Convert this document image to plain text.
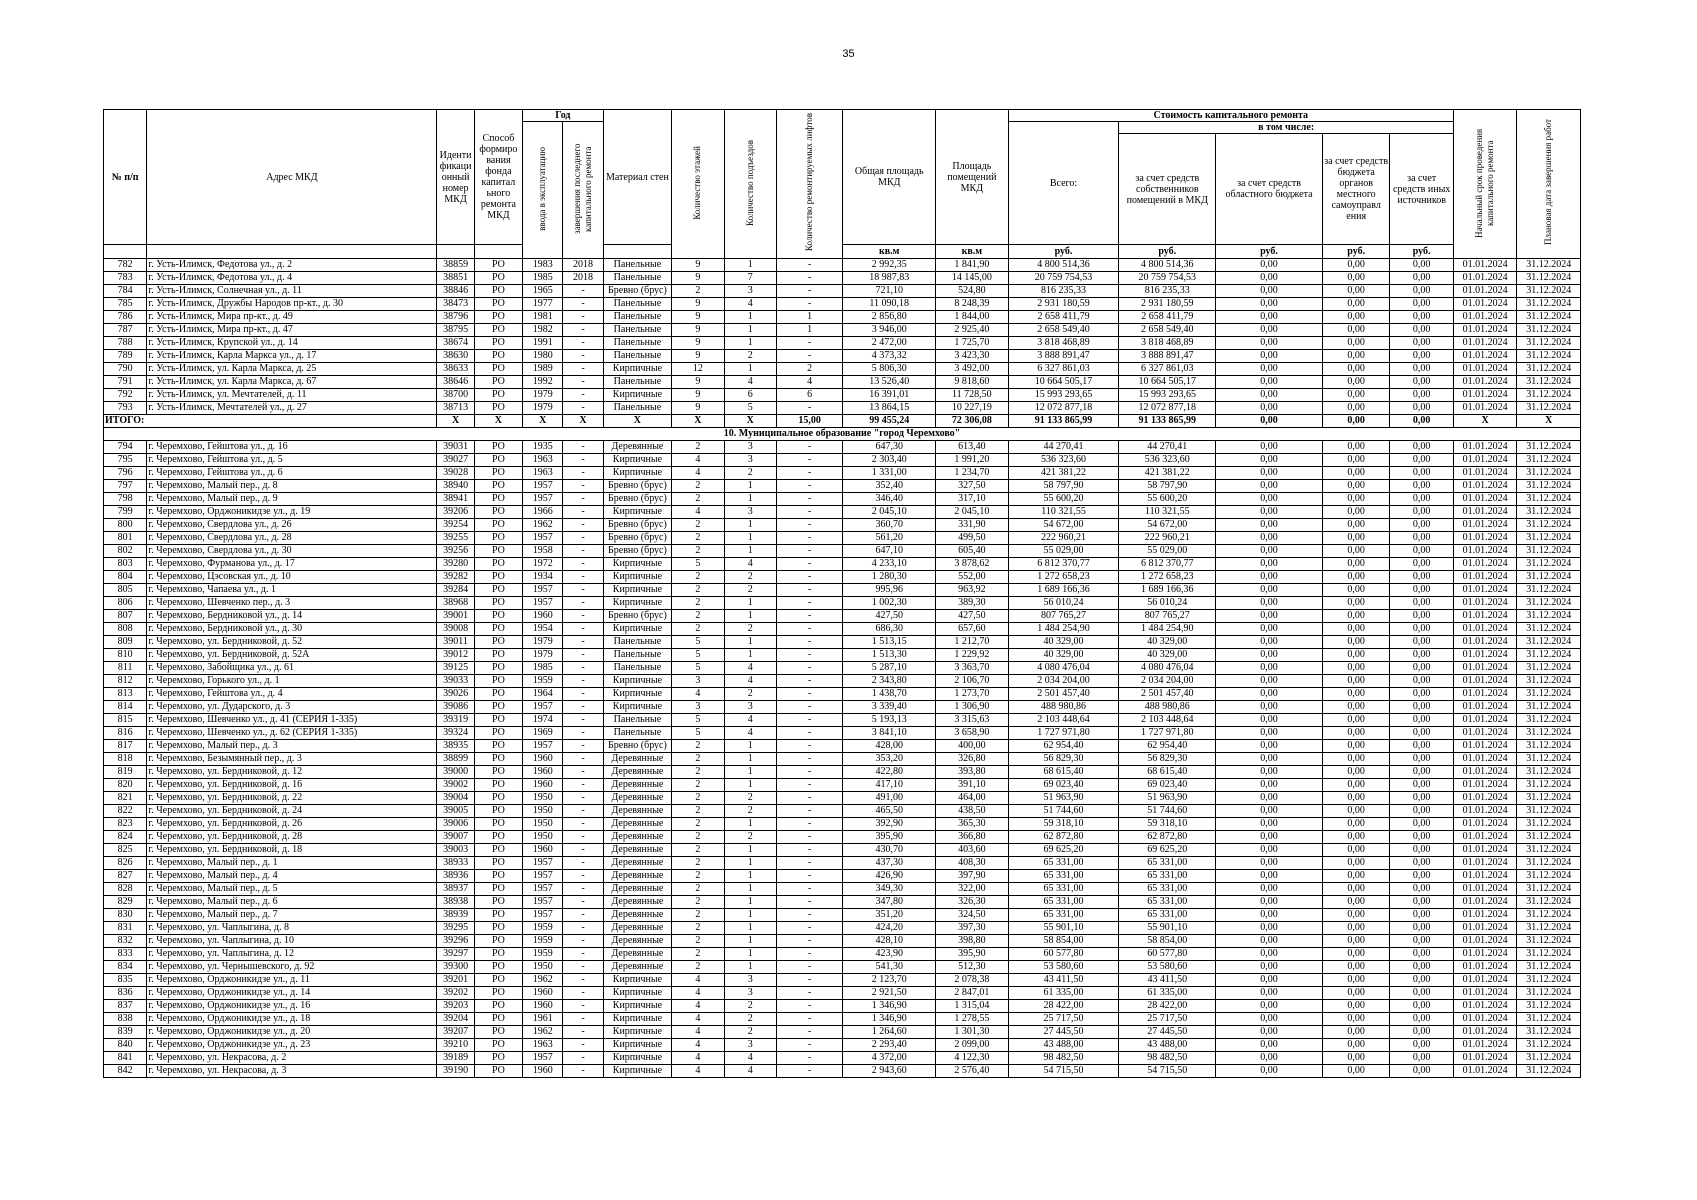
35
№ п/п	Адрес МКД	Иденти фикаци онный номер МКД	Способ формиро вания фонда капитал ьного ремонта МКД	Год		Материал стен	Количество этажей	Количество подъездов	Количество ремонтируемых лифтов	Общая площадь МКД	Площадь помещений МКД	Стоимость капитального ремонта					Начальный срок проведения капитального ремонта	Плановая дата завершения работ
				ввода в эксплуатацию	завершения последнего капитального ремонта							Всего:	в том числе:					
													за счет средств собственников помещений в МКД	за счет средств областного бюджета	за счет средств бюджета органов местного самоуправл ения	за счет средств иных источников		
										кв.м	кв.м	руб.	руб.	руб.	руб.	руб.		
782	г. Усть-Илимск, Федотова ул., д. 2	38859	РО	1983	2018	Панельные	9	1	-	2 992,35	1 841,90	4 800 514,36	4 800 514,36	0,00	0,00	0,00	01.01.2024	31.12.2024
783	г. Усть-Илимск, Федотова ул., д. 4	38851	РО	1985	2018	Панельные	9	7	-	18 987,83	14 145,00	20 759 754,53	20 759 754,53	0,00	0,00	0,00	01.01.2024	31.12.2024
784	г. Усть-Илимск, Солнечная ул., д. 11	38846	РО	1965	-	Бревно (брус)	2	3	-	721,10	524,80	816 235,33	816 235,33	0,00	0,00	0,00	01.01.2024	31.12.2024
785	г. Усть-Илимск, Дружбы Народов пр-кт., д. 30	38473	РО	1977	-	Панельные	9	4	-	11 090,18	8 248,39	2 931 180,59	2 931 180,59	0,00	0,00	0,00	01.01.2024	31.12.2024
786	г. Усть-Илимск, Мира пр-кт., д. 49	38796	РО	1981	-	Панельные	9	1	1	2 856,80	1 844,00	2 658 411,79	2 658 411,79	0,00	0,00	0,00	01.01.2024	31.12.2024
787	г. Усть-Илимск, Мира пр-кт., д. 47	38795	РО	1982	-	Панельные	9	1	1	3 946,00	2 925,40	2 658 549,40	2 658 549,40	0,00	0,00	0,00	01.01.2024	31.12.2024
788	г. Усть-Илимск, Крупской ул., д. 14	38674	РО	1991	-	Панельные	9	1	-	2 472,00	1 725,70	3 818 468,89	3 818 468,89	0,00	0,00	0,00	01.01.2024	31.12.2024
789	г. Усть-Илимск, Карла Маркса ул., д. 17	38630	РО	1980	-	Панельные	9	2	-	4 373,32	3 423,30	3 888 891,47	3 888 891,47	0,00	0,00	0,00	01.01.2024	31.12.2024
790	г. Усть-Илимск, ул. Карла Маркса, д. 25	38633	РО	1989	-	Кирпичные	12	1	2	5 806,30	3 492,00	6 327 861,03	6 327 861,03	0,00	0,00	0,00	01.01.2024	31.12.2024
791	г. Усть-Илимск, ул. Карла Маркса, д. 67	38646	РО	1992	-	Панельные	9	4	4	13 526,40	9 818,60	10 664 505,17	10 664 505,17	0,00	0,00	0,00	01.01.2024	31.12.2024
792	г. Усть-Илимск, ул. Мечтателей, д. 11	38700	РО	1979	-	Кирпичные	9	6	6	16 391,01	11 728,50	15 993 293,65	15 993 293,65	0,00	0,00	0,00	01.01.2024	31.12.2024
793	г. Усть-Илимск, Мечтателей ул., д. 27	38713	РО	1979	-	Панельные	9	5	-	13 864,15	10 227,19	12 072 877,18	12 072 877,18	0,00	0,00	0,00	01.01.2024	31.12.2024
ИТОГО:		X	X	X	X	X	X	X	15,00	99 455,24	72 306,08	91 133 865,99	91 133 865,99	0,00	0,00	0,00	X	X
10. Муниципальное образование "город Черемхово"																		
794	г. Черемхово, Гейштова ул., д. 16	39031	РО	1935	-	Деревянные	2	3	-	647,30	613,40	44 270,41	44 270,41	0,00	0,00	0,00	01.01.2024	31.12.2024
795	г. Черемхово, Гейштова ул., д. 5	39027	РО	1963	-	Кирпичные	4	3	-	2 303,40	1 991,20	536 323,60	536 323,60	0,00	0,00	0,00	01.01.2024	31.12.2024
796	г. Черемхово, Гейштова ул., д. 6	39028	РО	1963	-	Кирпичные	4	2	-	1 331,00	1 234,70	421 381,22	421 381,22	0,00	0,00	0,00	01.01.2024	31.12.2024
797	г. Черемхово, Малый пер., д. 8	38940	РО	1957	-	Бревно (брус)	2	1	-	352,40	327,50	58 797,90	58 797,90	0,00	0,00	0,00	01.01.2024	31.12.2024
798	г. Черемхово, Малый пер., д. 9	38941	РО	1957	-	Бревно (брус)	2	1	-	346,40	317,10	55 600,20	55 600,20	0,00	0,00	0,00	01.01.2024	31.12.2024
799	г. Черемхово, Орджоникидзе ул., д. 19	39206	РО	1966	-	Кирпичные	4	3	-	2 045,10	2 045,10	110 321,55	110 321,55	0,00	0,00	0,00	01.01.2024	31.12.2024
800	г. Черемхово, Свердлова ул., д. 26	39254	РО	1962	-	Бревно (брус)	2	1	-	360,70	331,90	54 672,00	54 672,00	0,00	0,00	0,00	01.01.2024	31.12.2024
801	г. Черемхово, Свердлова ул., д. 28	39255	РО	1957	-	Бревно (брус)	2	1	-	561,20	499,50	222 960,21	222 960,21	0,00	0,00	0,00	01.01.2024	31.12.2024
802	г. Черемхово, Свердлова ул., д. 30	39256	РО	1958	-	Бревно (брус)	2	1	-	647,10	605,40	55 029,00	55 029,00	0,00	0,00	0,00	01.01.2024	31.12.2024
803	г. Черемхово, Фурманова ул., д. 17	39280	РО	1972	-	Кирпичные	5	4	-	4 233,10	3 878,62	6 812 370,77	6 812 370,77	0,00	0,00	0,00	01.01.2024	31.12.2024
804	г. Черемхово, Цэсовская ул., д. 10	39282	РО	1934	-	Кирпичные	2	2	-	1 280,30	552,00	1 272 658,23	1 272 658,23	0,00	0,00	0,00	01.01.2024	31.12.2024
805	г. Черемхово, Чапаева ул., д. 1	39284	РО	1957	-	Кирпичные	2	2	-	995,96	963,92	1 689 166,36	1 689 166,36	0,00	0,00	0,00	01.01.2024	31.12.2024
806	г. Черемхово, Шевченко пер., д. 3	38968	РО	1957	-	Кирпичные	2	1	-	1 002,30	389,30	56 010,24	56 010,24	0,00	0,00	0,00	01.01.2024	31.12.2024
807	г. Черемхово, Бердниковой ул., д. 14	39001	РО	1960	-	Бревно (брус)	2	1	-	427,50	427,50	807 765,27	807 765,27	0,00	0,00	0,00	01.01.2024	31.12.2024
808	г. Черемхово, Бердниковой ул., д. 30	39008	РО	1954	-	Кирпичные	2	2	-	686,30	657,60	1 484 254,90	1 484 254,90	0,00	0,00	0,00	01.01.2024	31.12.2024
809	г. Черемхово, ул. Бердниковой, д. 52	39011	РО	1979	-	Панельные	5	1	-	1 513,15	1 212,70	40 329,00	40 329,00	0,00	0,00	0,00	01.01.2024	31.12.2024
810	г. Черемхово, ул. Бердниковой, д. 52А	39012	РО	1979	-	Панельные	5	1	-	1 513,30	1 229,92	40 329,00	40 329,00	0,00	0,00	0,00	01.01.2024	31.12.2024
811	г. Черемхово, Забойщика ул., д. 61	39125	РО	1985	-	Панельные	5	4	-	5 287,10	3 363,70	4 080 476,04	4 080 476,04	0,00	0,00	0,00	01.01.2024	31.12.2024
812	г. Черемхово, Горького ул., д. 1	39033	РО	1959	-	Кирпичные	3	4	-	2 343,80	2 106,70	2 034 204,00	2 034 204,00	0,00	0,00	0,00	01.01.2024	31.12.2024
813	г. Черемхово, Гейштова ул., д. 4	39026	РО	1964	-	Кирпичные	4	2	-	1 438,70	1 273,70	2 501 457,40	2 501 457,40	0,00	0,00	0,00	01.01.2024	31.12.2024
814	г. Черемхово, ул. Дударского, д. 3	39086	РО	1957	-	Кирпичные	3	3	-	3 339,40	1 306,90	488 980,86	488 980,86	0,00	0,00	0,00	01.01.2024	31.12.2024
815	г. Черемхово, Шевченко ул., д. 41 (СЕРИЯ 1-335)	39319	РО	1974	-	Панельные	5	4	-	5 193,13	3 315,63	2 103 448,64	2 103 448,64	0,00	0,00	0,00	01.01.2024	31.12.2024
816	г. Черемхово, Шевченко ул., д. 62 (СЕРИЯ 1-335)	39324	РО	1969	-	Панельные	5	4	-	3 841,10	3 658,90	1 727 971,80	1 727 971,80	0,00	0,00	0,00	01.01.2024	31.12.2024
817	г. Черемхово, Малый пер., д. 3	38935	РО	1957	-	Бревно (брус)	2	1	-	428,00	400,00	62 954,40	62 954,40	0,00	0,00	0,00	01.01.2024	31.12.2024
818	г. Черемхово, Безымянный пер., д. 3	38899	РО	1960	-	Деревянные	2	1	-	353,20	326,80	56 829,30	56 829,30	0,00	0,00	0,00	01.01.2024	31.12.2024
819	г. Черемхово, ул. Бердниковой, д. 12	39000	РО	1960	-	Деревянные	2	1	-	422,80	393,80	68 615,40	68 615,40	0,00	0,00	0,00	01.01.2024	31.12.2024
820	г. Черемхово, ул. Бердниковой, д. 16	39002	РО	1960	-	Деревянные	2	1	-	417,10	391,10	69 023,40	69 023,40	0,00	0,00	0,00	01.01.2024	31.12.2024
821	г. Черемхово, ул. Бердниковой, д. 22	39004	РО	1950	-	Деревянные	2	2	-	491,00	464,00	51 963,90	51 963,90	0,00	0,00	0,00	01.01.2024	31.12.2024
822	г. Черемхово, ул. Бердниковой, д. 24	39005	РО	1950	-	Деревянные	2	2	-	465,50	438,50	51 744,60	51 744,60	0,00	0,00	0,00	01.01.2024	31.12.2024
823	г. Черемхово, ул. Бердниковой, д. 26	39006	РО	1950	-	Деревянные	2	1	-	392,90	365,30	59 318,10	59 318,10	0,00	0,00	0,00	01.01.2024	31.12.2024
824	г. Черемхово, ул. Бердниковой, д. 28	39007	РО	1950	-	Деревянные	2	2	-	395,90	366,80	62 872,80	62 872,80	0,00	0,00	0,00	01.01.2024	31.12.2024
825	г. Черемхово, ул. Бердниковой, д. 18	39003	РО	1960	-	Деревянные	2	1	-	430,70	403,60	69 625,20	69 625,20	0,00	0,00	0,00	01.01.2024	31.12.2024
826	г. Черемхово, Малый пер., д. 1	38933	РО	1957	-	Деревянные	2	1	-	437,30	408,30	65 331,00	65 331,00	0,00	0,00	0,00	01.01.2024	31.12.2024
827	г. Черемхово, Малый пер., д. 4	38936	РО	1957	-	Деревянные	2	1	-	426,90	397,90	65 331,00	65 331,00	0,00	0,00	0,00	01.01.2024	31.12.2024
828	г. Черемхово, Малый пер., д. 5	38937	РО	1957	-	Деревянные	2	1	-	349,30	322,00	65 331,00	65 331,00	0,00	0,00	0,00	01.01.2024	31.12.2024
829	г. Черемхово, Малый пер., д. 6	38938	РО	1957	-	Деревянные	2	1	-	347,80	326,30	65 331,00	65 331,00	0,00	0,00	0,00	01.01.2024	31.12.2024
830	г. Черемхово, Малый пер., д. 7	38939	РО	1957	-	Деревянные	2	1	-	351,20	324,50	65 331,00	65 331,00	0,00	0,00	0,00	01.01.2024	31.12.2024
831	г. Черемхово, ул. Чаплыгина, д. 8	39295	РО	1959	-	Деревянные	2	1	-	424,20	397,30	55 901,10	55 901,10	0,00	0,00	0,00	01.01.2024	31.12.2024
832	г. Черемхово, ул. Чаплыгина, д. 10	39296	РО	1959	-	Деревянные	2	1	-	428,10	398,80	58 854,00	58 854,00	0,00	0,00	0,00	01.01.2024	31.12.2024
833	г. Черемхово, ул. Чаплыгина, д. 12	39297	РО	1959	-	Деревянные	2	1	-	423,90	395,90	60 577,80	60 577,80	0,00	0,00	0,00	01.01.2024	31.12.2024
834	г. Черемхово, ул. Чернышевского, д. 92	39300	РО	1950	-	Деревянные	2	1	-	541,30	512,30	53 580,60	53 580,60	0,00	0,00	0,00	01.01.2024	31.12.2024
835	г. Черемхово, Орджоникидзе ул., д. 11	39201	РО	1962	-	Кирпичные	4	3	-	2 123,70	2 078,38	43 411,50	43 411,50	0,00	0,00	0,00	01.01.2024	31.12.2024
836	г. Черемхово, Орджоникидзе ул., д. 14	39202	РО	1960	-	Кирпичные	4	3	-	2 921,50	2 847,01	61 335,00	61 335,00	0,00	0,00	0,00	01.01.2024	31.12.2024
837	г. Черемхово, Орджоникидзе ул., д. 16	39203	РО	1960	-	Кирпичные	4	2	-	1 346,90	1 315,04	28 422,00	28 422,00	0,00	0,00	0,00	01.01.2024	31.12.2024
838	г. Черемхово, Орджоникидзе ул., д. 18	39204	РО	1961	-	Кирпичные	4	2	-	1 346,90	1 278,55	25 717,50	25 717,50	0,00	0,00	0,00	01.01.2024	31.12.2024
839	г. Черемхово, Орджоникидзе ул., д. 20	39207	РО	1962	-	Кирпичные	4	2	-	1 264,60	1 301,30	27 445,50	27 445,50	0,00	0,00	0,00	01.01.2024	31.12.2024
840	г. Черемхово, Орджоникидзе ул., д. 23	39210	РО	1963	-	Кирпичные	4	3	-	2 293,40	2 099,00	43 488,00	43 488,00	0,00	0,00	0,00	01.01.2024	31.12.2024
841	г. Черемхово, ул. Некрасова, д. 2	39189	РО	1957	-	Кирпичные	4	4	-	4 372,00	4 122,30	98 482,50	98 482,50	0,00	0,00	0,00	01.01.2024	31.12.2024
842	г. Черемхово, ул. Некрасова, д. 3	39190	РО	1960	-	Кирпичные	4	4	-	2 943,60	2 576,40	54 715,50	54 715,50	0,00	0,00	0,00	01.01.2024	31.12.2024
